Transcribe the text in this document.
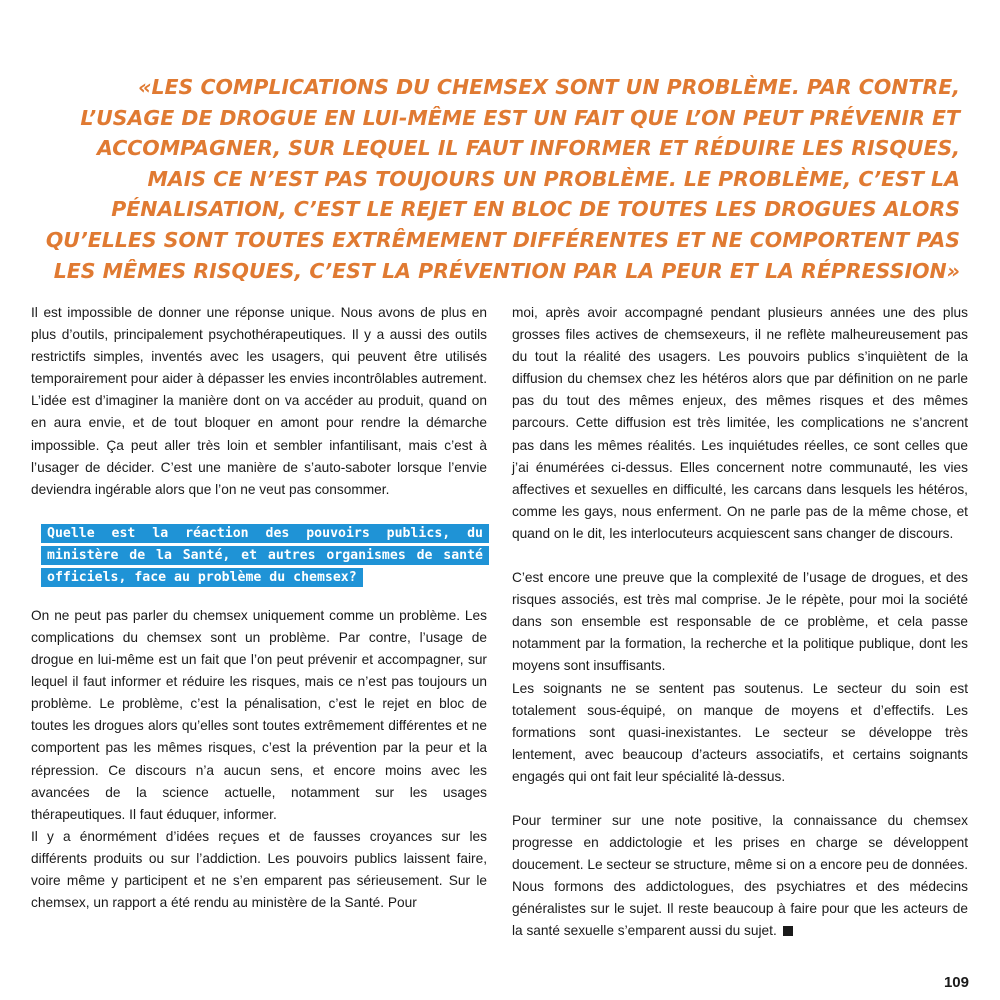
«LES COMPLICATIONS DU CHEMSEX SONT UN PROBLÈME. PAR CONTRE, L’USAGE DE DROGUE EN LUI-MÊME EST UN FAIT QUE L’ON PEUT PRÉVENIR ET ACCOMPAGNER, SUR LEQUEL IL FAUT INFORMER ET RÉDUIRE LES RISQUES, MAIS CE N’EST PAS TOUJOURS UN PROBLÈME. LE PROBLÈME, C’EST LA PÉNALISATION, C’EST LE REJET EN BLOC DE TOUTES LES DROGUES ALORS QU’ELLES SONT TOUTES EXTRÊMEMENT DIFFÉRENTES ET NE COMPORTENT PAS LES MÊMES RISQUES, C’EST LA PRÉVENTION PAR LA PEUR ET LA RÉPRESSION»

Il est impossible de donner une réponse unique. Nous avons de plus en plus d’outils, principalement psychothérapeutiques. Il y a aussi des outils restrictifs simples, inventés avec les usagers, qui peuvent être utilisés temporairement pour aider à dépasser les envies incontrôlables autrement. L’idée est d’imaginer la manière dont on va accéder au produit, quand on en aura envie, et de tout bloquer en amont pour rendre la démarche impossible. Ça peut aller très loin et sembler infantilisant, mais c’est à l’usager de décider. C’est une manière de s’auto-saboter lorsque l’envie deviendra ingérable alors que l’on ne veut pas consommer.

Quelle est la réaction des pouvoirs publics, du ministère de la Santé, et autres organismes de santé officiels, face au problème du chemsex?

On ne peut pas parler du chemsex uniquement comme un problème. Les complications du chemsex sont un problème. Par contre, l’usage de drogue en lui-même est un fait que l’on peut prévenir et accompagner, sur lequel il faut informer et réduire les risques, mais ce n’est pas toujours un problème. Le problème, c’est la pénalisation, c’est le rejet en bloc de toutes les drogues alors qu’elles sont toutes extrêmement différentes et ne comportent pas les mêmes risques, c’est la prévention par la peur et la répression. Ce discours n’a aucun sens, et encore moins avec les avancées de la science actuelle, notamment sur les usages thérapeutiques. Il faut éduquer, informer.

Il y a énormément d’idées reçues et de fausses croyances sur les différents produits ou sur l’addiction. Les pouvoirs publics laissent faire, voire même y participent et ne s’en emparent pas sérieusement. Sur le chemsex, un rapport a été rendu au ministère de la Santé. Pour

moi, après avoir accompagné pendant plusieurs années une des plus grosses files actives de chemsexeurs, il ne reflète malheureusement pas du tout la réalité des usagers. Les pouvoirs publics s’inquiètent de la diffusion du chemsex chez les hétéros alors que par définition on ne parle pas du tout des mêmes enjeux, des mêmes risques et des mêmes parcours. Cette diffusion est très limitée, les complications ne s’ancrent pas dans les mêmes réalités. Les inquiétudes réelles, ce sont celles que j’ai énumérées ci-dessus. Elles concernent notre communauté, les vies affectives et sexuelles en difficulté, les carcans dans lesquels les hétéros, comme les gays, nous enferment. On ne parle pas de la même chose, et quand on le dit, les interlocuteurs acquiescent sans changer de discours.

C’est encore une preuve que la complexité de l’usage de drogues, et des risques associés, est très mal comprise. Je le répète, pour moi la société dans son ensemble est responsable de ce problème, et cela passe notamment par la formation, la recherche et la politique publique, dont les moyens sont insuffisants.

Les soignants ne se sentent pas soutenus. Le secteur du soin est totalement sous-équipé, on manque de moyens et d’effectifs. Les formations sont quasi-inexistantes. Le secteur se développe très lentement, avec beaucoup d’acteurs associatifs, et certains soignants engagés qui ont fait leur spécialité là-dessus.

Pour terminer sur une note positive, la connaissance du chemsex progresse en addictologie et les prises en charge se développent doucement. Le secteur se structure, même si on a encore peu de données. Nous formons des addictologues, des psychiatres et des médecins généralistes sur le sujet. Il reste beaucoup à faire pour que les acteurs de la santé sexuelle s’emparent aussi du sujet.

109
